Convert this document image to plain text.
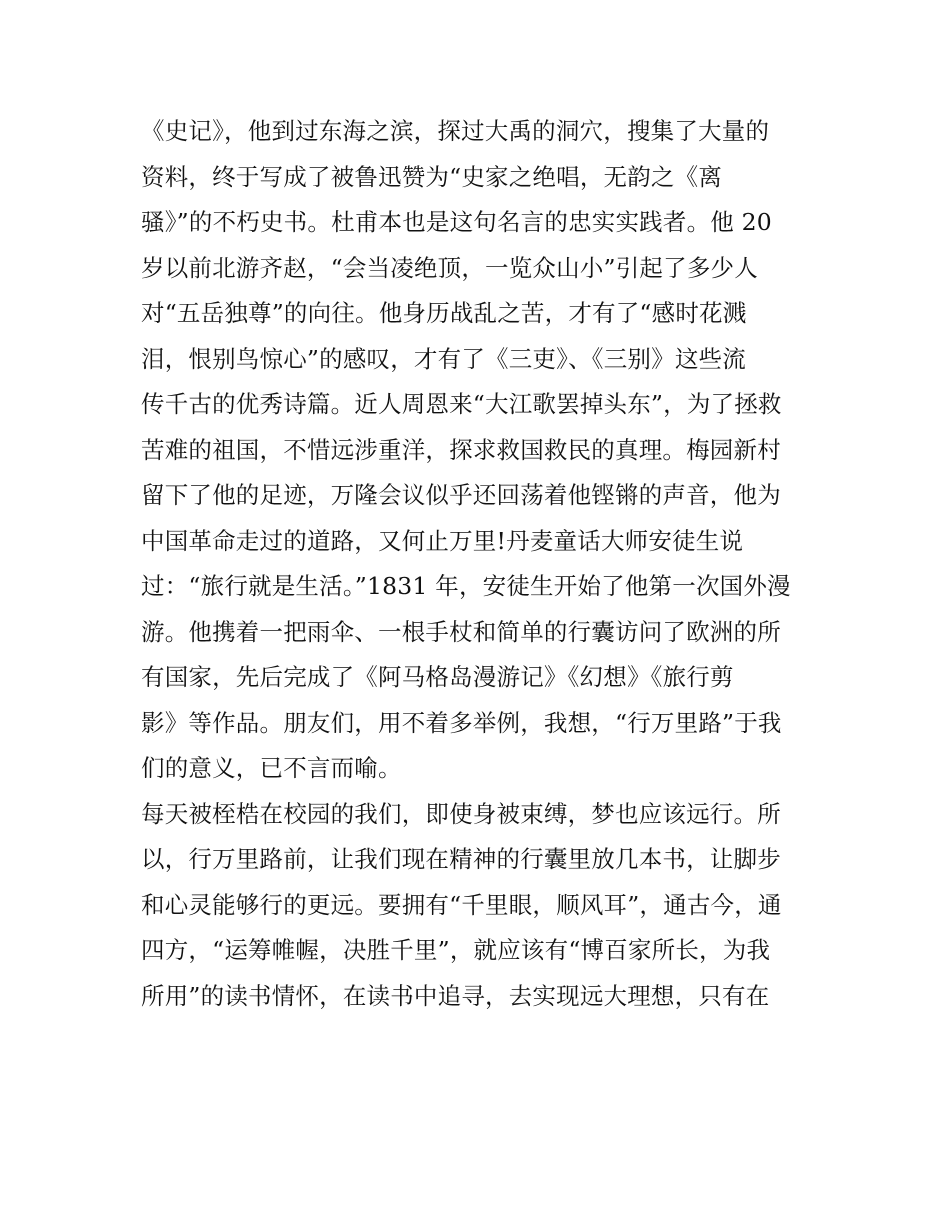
《史记》，他到过东海之滨，探过大禹的洞穴，搜集了大量的
资料，终于写成了被鲁迅赞为“史家之绝唱，无韵之《离
骚》”的不朽史书。杜甫本也是这句名言的忠实实践者。他 20
岁以前北游齐赵，“会当凌绝顶，一览众山小”引起了多少人
对“五岳独尊”的向往。他身历战乱之苦，才有了“感时花溅
泪，恨别鸟惊心”的感叹，才有了《三吏》、《三别》这些流
传千古的优秀诗篇。近人周恩来“大江歌罢掉头东”，为了拯救
苦难的祖国，不惜远涉重洋，探求救国救民的真理。梅园新村
留下了他的足迹，万隆会议似乎还回荡着他铿锵的声音，他为
中国革命走过的道路，又何止万里!丹麦童话大师安徒生说
过：“旅行就是生活。”1831 年，安徒生开始了他第一次国外漫
游。他携着一把雨伞、一根手杖和简单的行囊访问了欧洲的所
有国家，先后完成了《阿马格岛漫游记》《幻想》《旅行剪
影》等作品。朋友们，用不着多举例，我想，“行万里路”于我
们的意义，已不言而喻。
每天被桎梏在校园的我们，即使身被束缚，梦也应该远行。所
以，行万里路前，让我们现在精神的行囊里放几本书，让脚步
和心灵能够行的更远。要拥有“千里眼，顺风耳”，通古今，通
四方，“运筹帷幄，决胜千里”，就应该有“博百家所长，为我
所用”的读书情怀，在读书中追寻，去实现远大理想，只有在
